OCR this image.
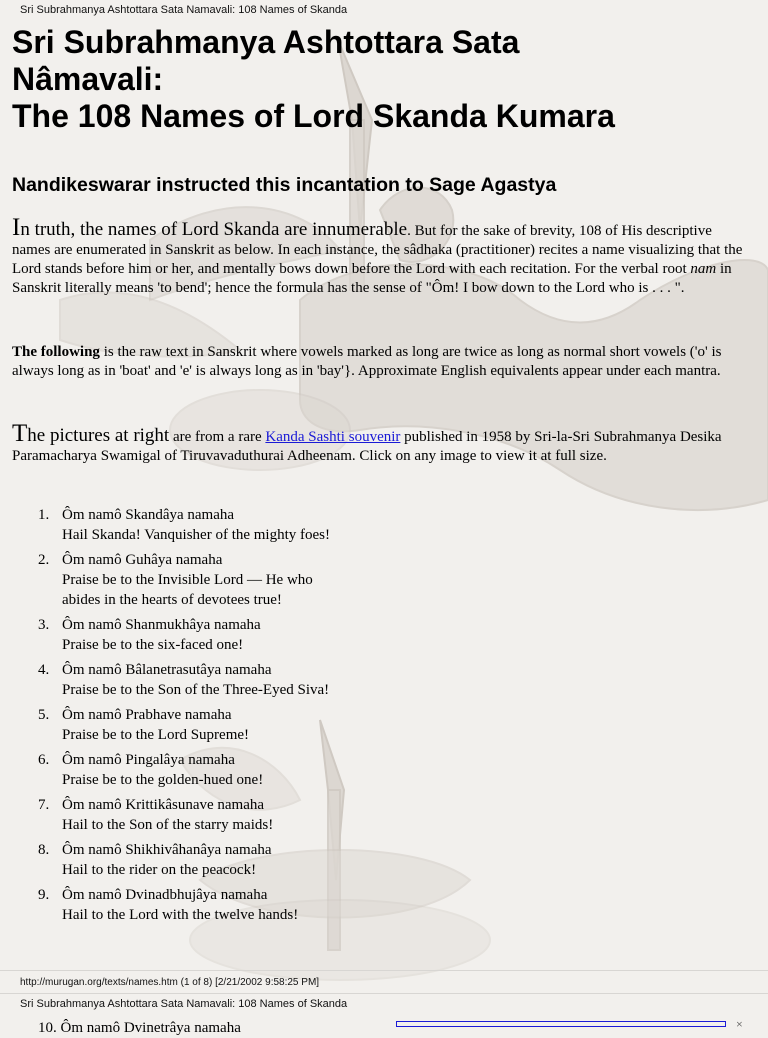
Sri Subrahmanya Ashtottara Sata Namavali: 108 Names of Skanda
Sri Subrahmanya Ashtottara Sata
Nâmavali:
The 108 Names of Lord Skanda Kumara
Nandikeswarar instructed this incantation to Sage Agastya

In truth, the names of Lord Skanda are innumerable. But for the sake of brevity, 108 of His descriptive names are enumerated in Sanskrit as below. In each instance, the sâdhaka (practitioner) recites a name visualizing that the Lord stands before him or her, and mentally bows down before the Lord with each recitation. For the verbal root nam in Sanskrit literally means 'to bend'; hence the formula has the sense of "Ôm! I bow down to the Lord who is . . . ".

The following is the raw text in Sanskrit where vowels marked as long are twice as long as normal short vowels ('o' is always long as in 'boat' and 'e' is always long as in 'bay'}. Approximate English equivalents appear under each mantra.

The pictures at right are from a rare Kanda Sashti souvenir published in 1958 by Sri-la-Sri Subrahmanya Desika Paramacharya Swamigal of Tiruvavaduthurai Adheenam. Click on any image to view it at full size.

1. Ôm namô Skandâya namaha
Hail Skanda! Vanquisher of the mighty foes!
2. Ôm namô Guhâya namaha
Praise be to the Invisible Lord — He who
abides in the hearts of devotees true!
3. Ôm namô Shanmukhâya namaha
Praise be to the six-faced one!
4. Ôm namô Bâlanetrasutâya namaha
Praise be to the Son of the Three-Eyed Siva!
5. Ôm namô Prabhave namaha
Praise be to the Lord Supreme!
6. Ôm namô Pingalâya namaha
Praise be to the golden-hued one!
7. Ôm namô Krittikâsunave namaha
Hail to the Son of the starry maids!
8. Ôm namô Shikhivâhanâya namaha
Hail to the rider on the peacock!
9. Ôm namô Dvinadbhujâya namaha
Hail to the Lord with the twelve hands!
http://murugan.org/texts/names.htm (1 of 8) [2/21/2002 9:58:25 PM]
Sri Subrahmanya Ashtottara Sata Namavali: 108 Names of Skanda
10. Ôm namô Dvinetrâya namaha	×
